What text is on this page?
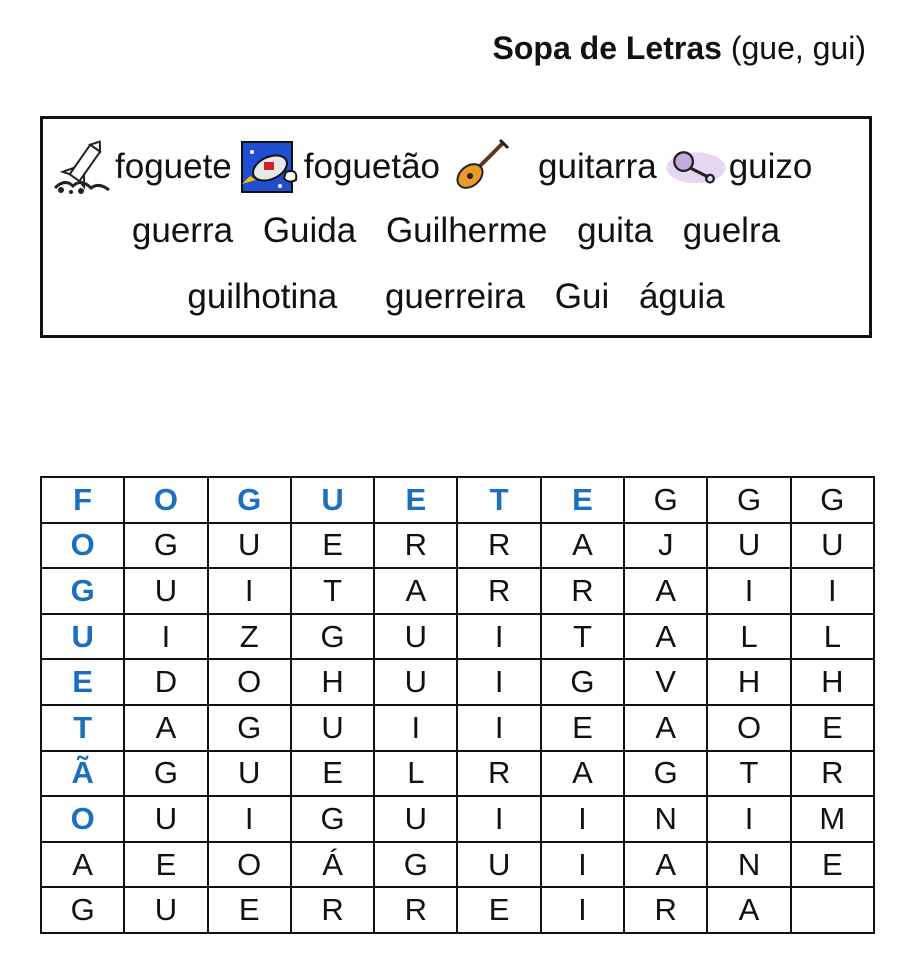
Sopa de Letras (gue, gui)
foguete foguetão	guitarra guizo
guerra Guida Guilherme guita guelra
guilhotina guerreira Gui águia
F	O	G	U	E	T	E	G	G	G
O	G	U	E	R	R	A	J	U	U
G	U	I	T	A	R	R	A	I	I
U	I	Z	G	U	I	T	A	L	L
E	D	O	H	U	I	G	V	H	H
T	A	G	U	I	I	E	A	O	E
Ã	G	U	E	L	R	A	G	T	R
O	U	I	G	U	I	I	N	I	M
A	E	O	Á	G	U	I	A	N	E
G	U	E	R	R	E	I	R	A	
